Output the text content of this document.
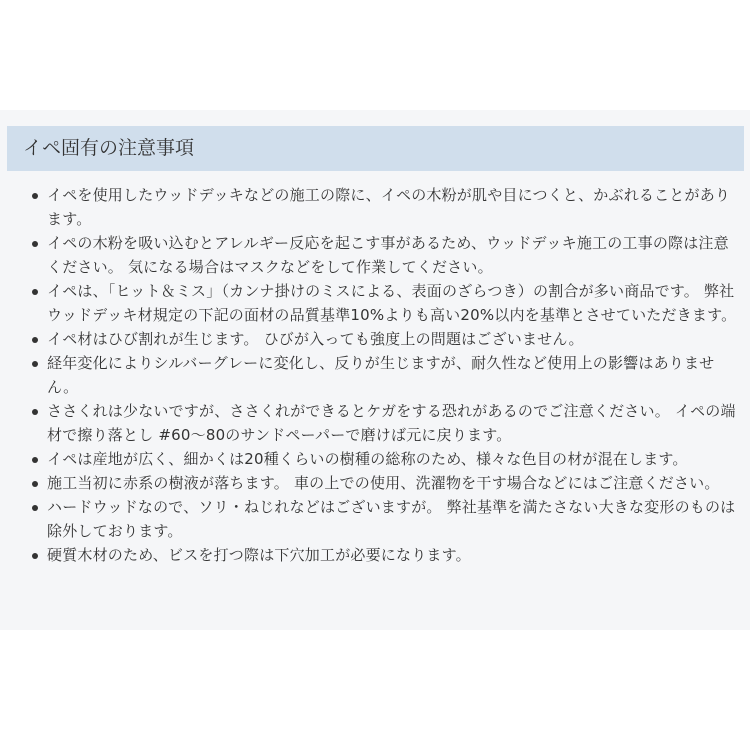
イペ固有の注意事項
イペを使用したウッドデッキなどの施工の際に、イペの木粉が肌や目につくと、かぶれることがあります。
イペの木粉を吸い込むとアレルギー反応を起こす事があるため、ウッドデッキ施工の工事の際は注意ください。 気になる場合はマスクなどをして作業してください。
イペは、「ヒット＆ミス」（カンナ掛けのミスによる、表面のざらつき）の割合が多い商品です。 弊社ウッドデッキ材規定の下記の面材の品質基準10%よりも高い20%以内を基準とさせていただきます。
イペ材はひび割れが生じます。 ひびが入っても強度上の問題はございません。
経年変化によりシルバーグレーに変化し、反りが生じますが、耐久性など使用上の影響はありません。
ささくれは少ないですが、ささくれができるとケガをする恐れがあるのでご注意ください。 イペの端材で擦り落とし #60〜80のサンドペーパーで磨けば元に戻ります。
イペは産地が広く、細かくは20種くらいの樹種の総称のため、様々な色目の材が混在します。
施工当初に赤系の樹液が落ちます。 車の上での使用、洗濯物を干す場合などにはご注意ください。
ハードウッドなので、ソリ・ねじれなどはございますが。 弊社基準を満たさない大きな変形のものは除外しております。
硬質木材のため、ビスを打つ際は下穴加工が必要になります。
